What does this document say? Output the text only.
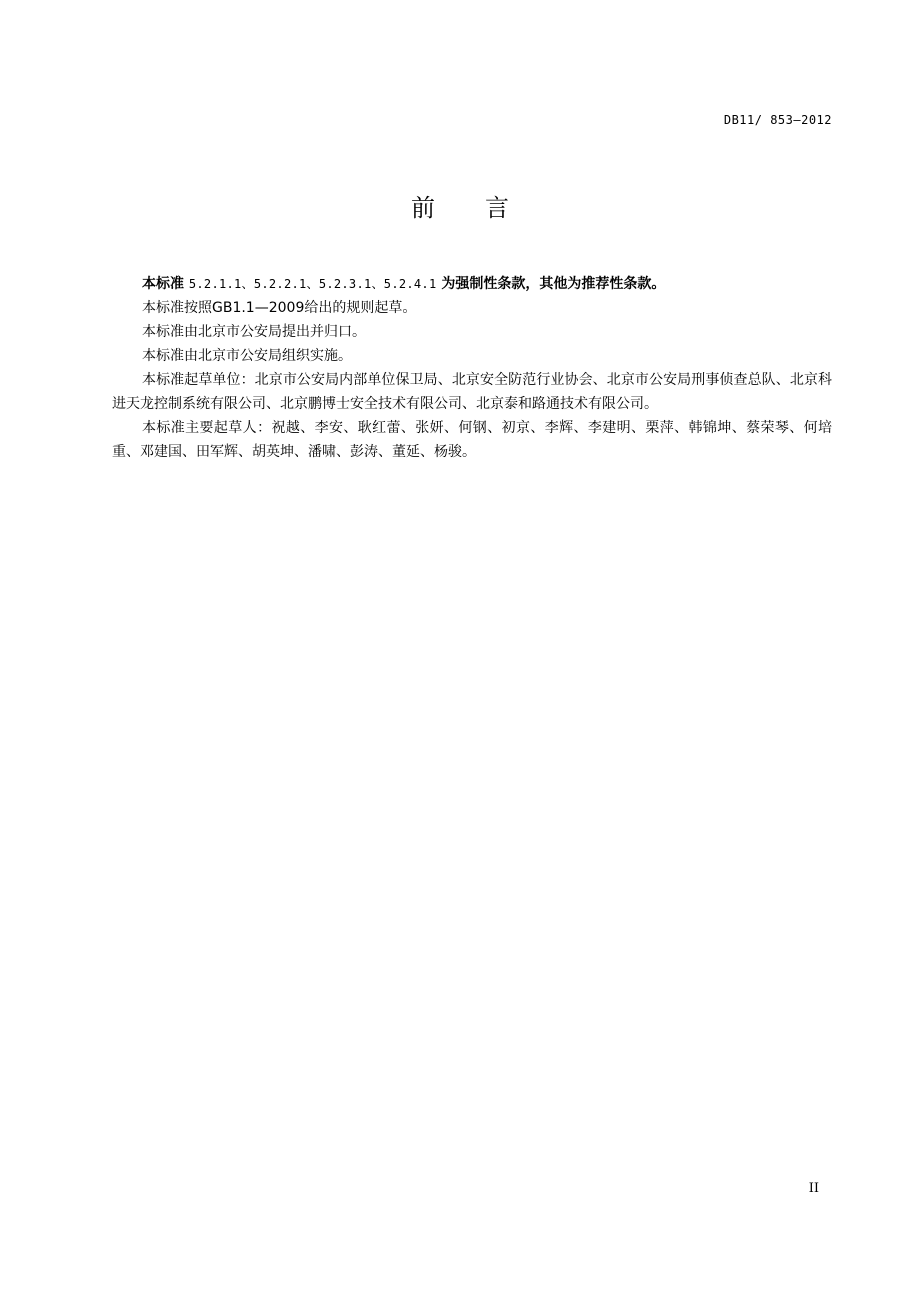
DB11/ 853—2012
前言

本标准 5.2.1.1、5.2.2.1、5.2.3.1、5.2.4.1 为强制性条款，其他为推荐性条款。

本标准按照GB1.1—2009给出的规则起草。

本标准由北京市公安局提出并归口。

本标准由北京市公安局组织实施。

本标准起草单位：北京市公安局内部单位保卫局、北京安全防范行业协会、北京市公安局刑事侦查总队、北京科进天龙控制系统有限公司、北京鹏博士安全技术有限公司、北京泰和路通技术有限公司。

本标准主要起草人：祝越、李安、耿红蕾、张妍、何钢、初京、李辉、李建明、栗萍、韩锦坤、蔡荣琴、何培重、邓建国、田军辉、胡英坤、潘啸、彭涛、董延、杨骏。

II
